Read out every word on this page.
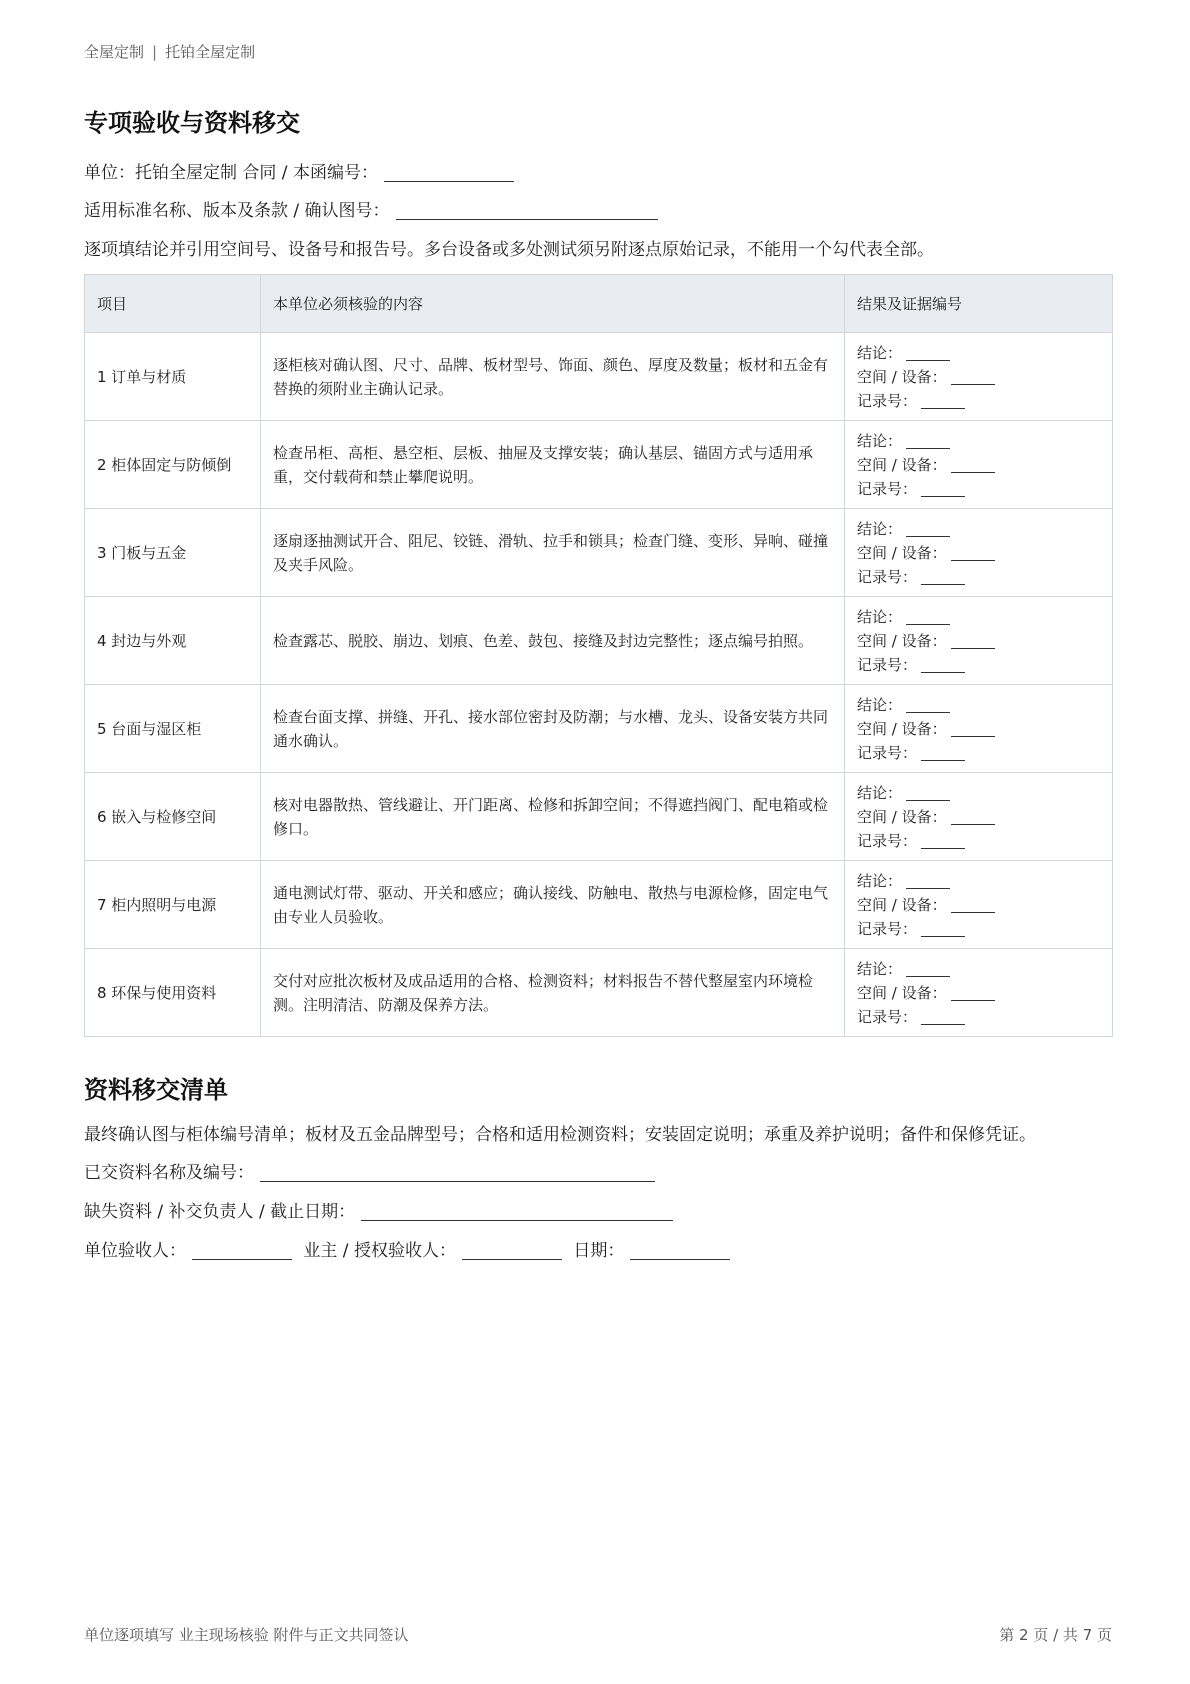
全屋定制 | 托铂全屋定制
专项验收与资料移交
单位：托铂全屋定制 合同 / 本函编号：
适用标准名称、版本及条款 / 确认图号：
逐项填结论并引用空间号、设备号和报告号。多台设备或多处测试须另附逐点原始记录，不能用一个勾代表全部。
项目	本单位必须核验的内容	结果及证据编号
1 订单与材质	逐柜核对确认图、尺寸、品牌、板材型号、饰面、颜色、厚度及数量；板材和五金有替换的须附业主确认记录。	结论：
空间 / 设备：
记录号：

2 柜体固定与防倾倒	检查吊柜、高柜、悬空柜、层板、抽屉及支撑安装；确认基层、锚固方式与适用承重，交付载荷和禁止攀爬说明。	结论：
空间 / 设备：
记录号：

3 门板与五金	逐扇逐抽测试开合、阻尼、铰链、滑轨、拉手和锁具；检查门缝、变形、异响、碰撞及夹手风险。	结论：
空间 / 设备：
记录号：

4 封边与外观	检查露芯、脱胶、崩边、划痕、色差、鼓包、接缝及封边完整性；逐点编号拍照。	结论：
空间 / 设备：
记录号：

5 台面与湿区柜	检查台面支撑、拼缝、开孔、接水部位密封及防潮；与水槽、龙头、设备安装方共同通水确认。	结论：
空间 / 设备：
记录号：

6 嵌入与检修空间	核对电器散热、管线避让、开门距离、检修和拆卸空间；不得遮挡阀门、配电箱或检修口。	结论：
空间 / 设备：
记录号：

7 柜内照明与电源	通电测试灯带、驱动、开关和感应；确认接线、防触电、散热与电源检修，固定电气由专业人员验收。	结论：
空间 / 设备：
记录号：

8 环保与使用资料	交付对应批次板材及成品适用的合格、检测资料；材料报告不替代整屋室内环境检测。注明清洁、防潮及保养方法。	结论：
空间 / 设备：
记录号：
资料移交清单
最终确认图与柜体编号清单；板材及五金品牌型号；合格和适用检测资料；安装固定说明；承重及养护说明；备件和保修凭证。
已交资料名称及编号：
缺失资料 / 补交负责人 / 截止日期：
单位验收人：	业主 / 授权验收人：	日期：
单位逐项填写 业主现场核验 附件与正文共同签认	第 2 页 / 共 7 页
